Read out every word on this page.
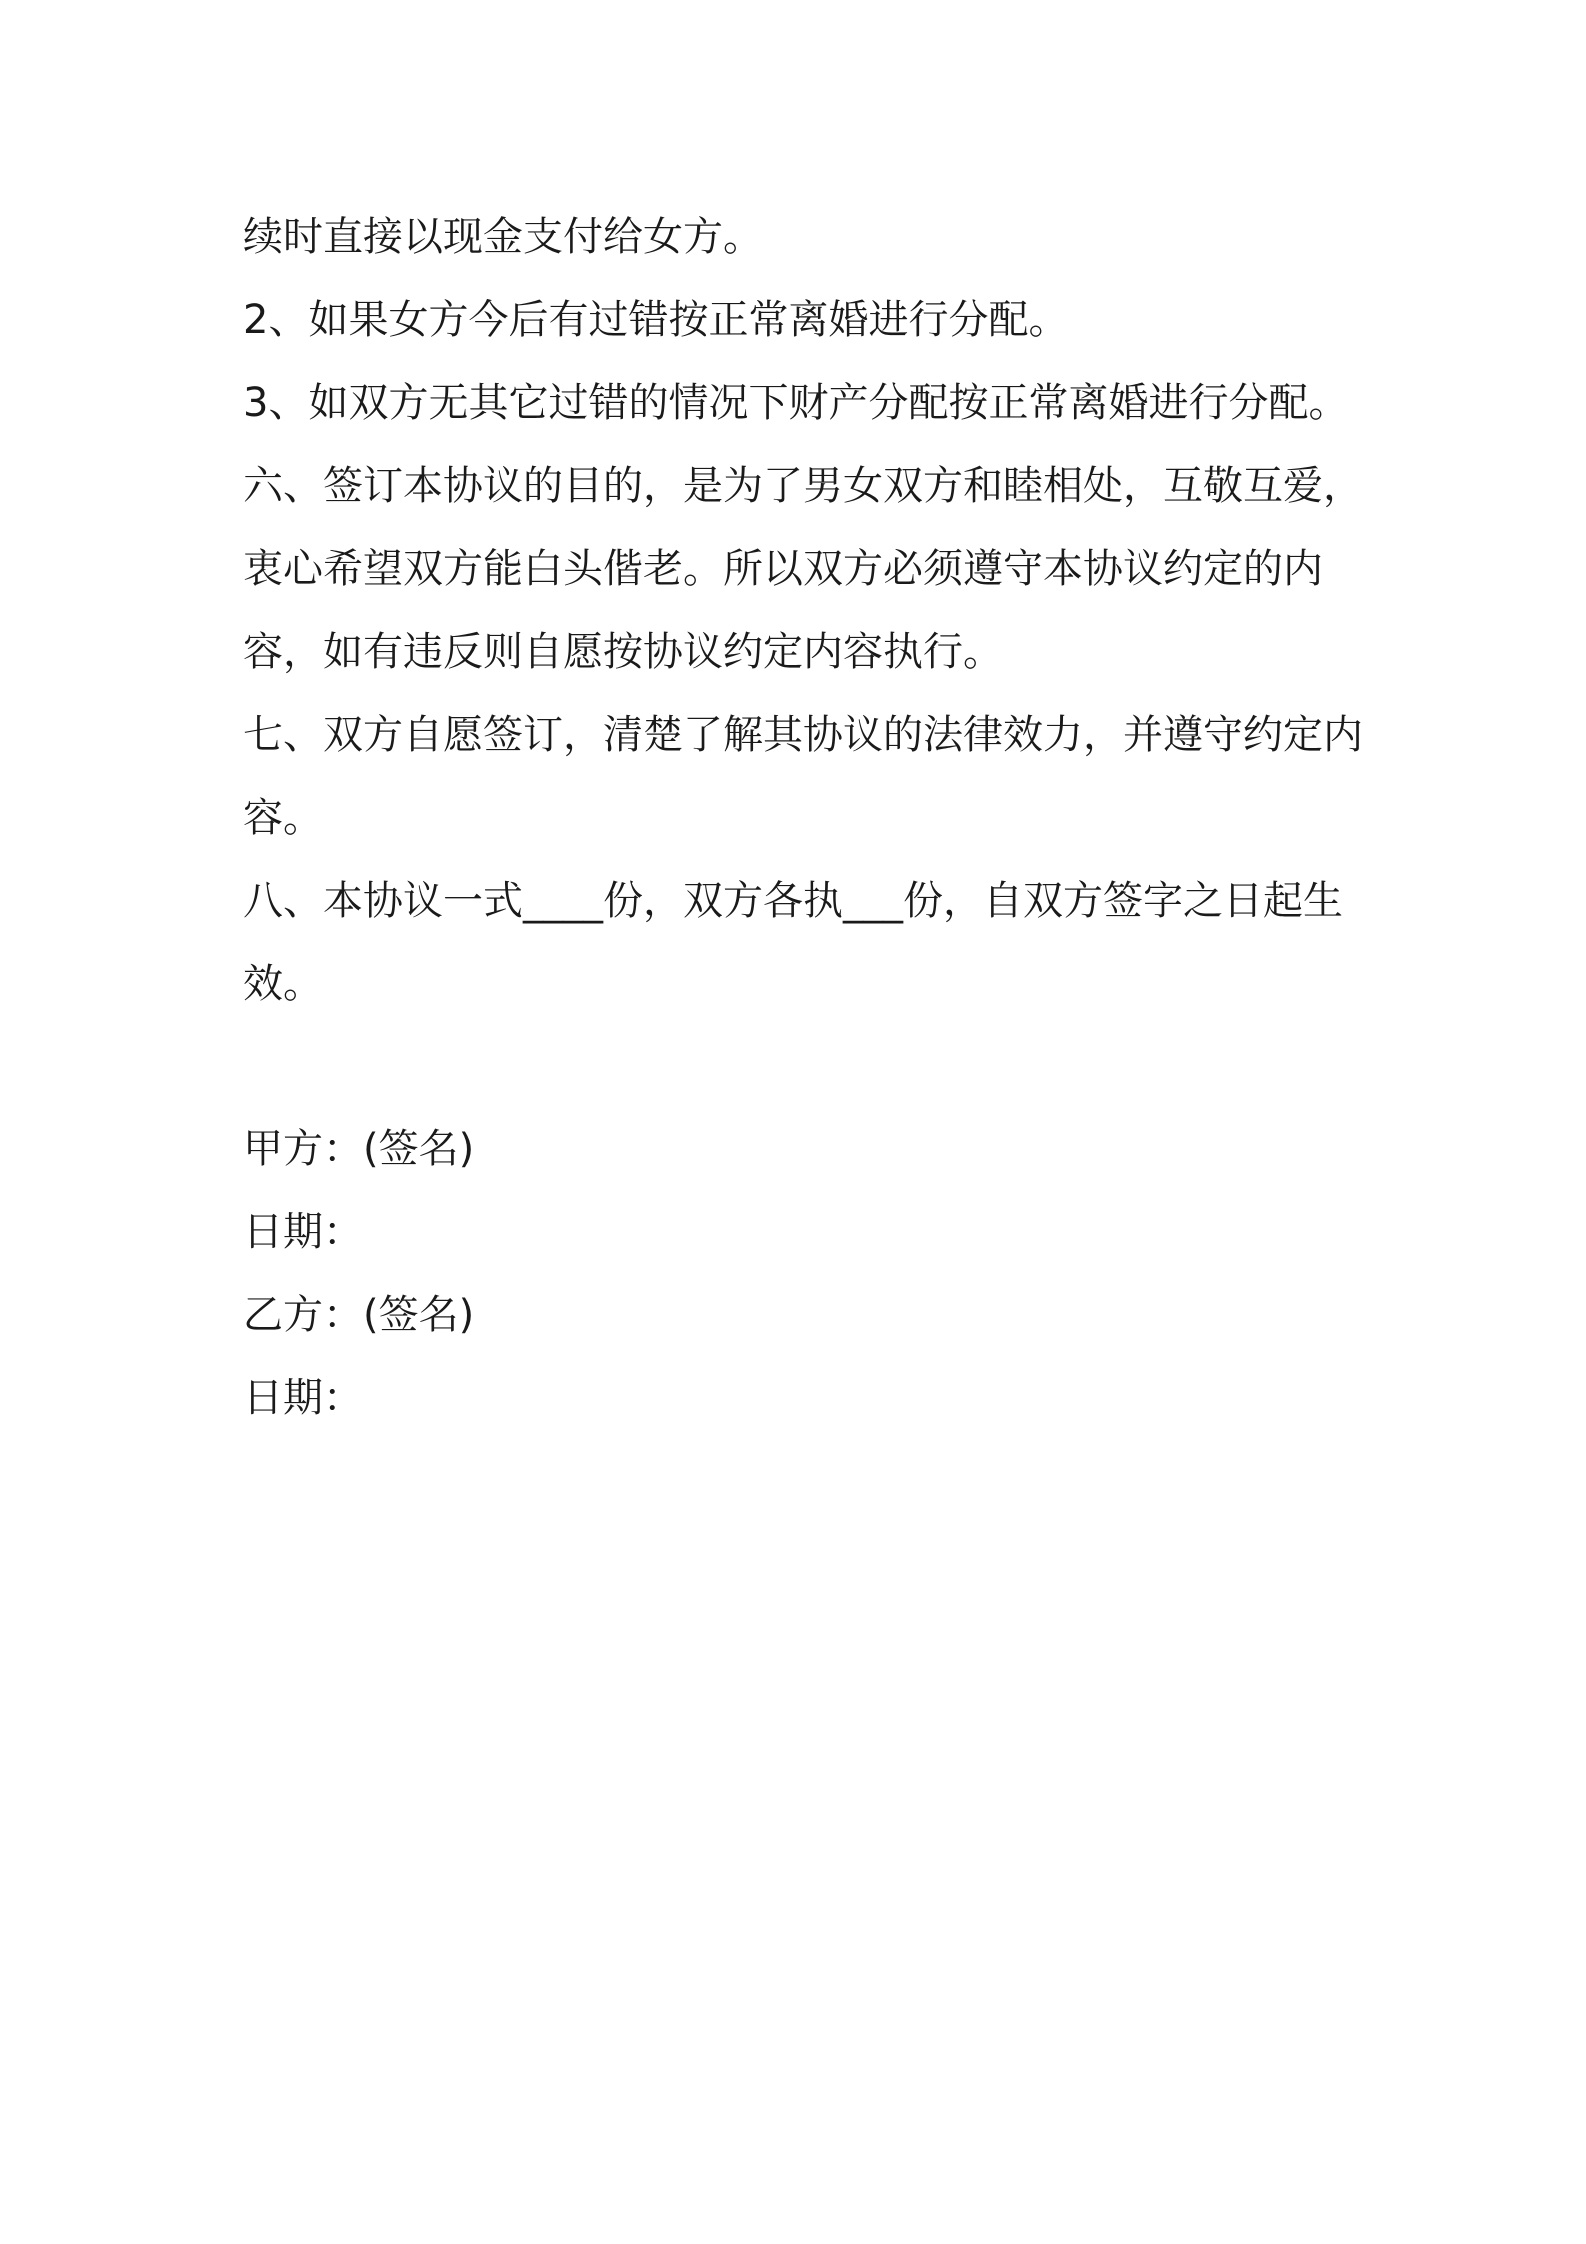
续时直接以现金支付给女方。

2、如果女方今后有过错按正常离婚进行分配。

3、如双方无其它过错的情况下财产分配按正常离婚进行分配。

六、签订本协议的目的，是为了男女双方和睦相处，互敬互爱，衷心希望双方能白头偕老。所以双方必须遵守本协议约定的内容，如有违反则自愿按协议约定内容执行。

七、双方自愿签订，清楚了解其协议的法律效力，并遵守约定内容。

八、本协议一式____份，双方各执___份，自双方签字之日起生效。

甲方：(签名)

日期：

乙方：(签名)

日期：
